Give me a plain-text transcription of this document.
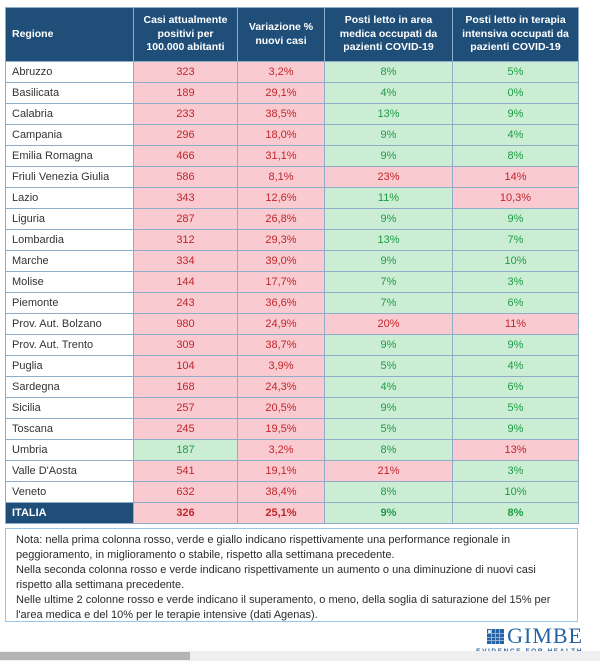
Regione	Casi attualmente positivi per 100.000 abitanti	Variazione % nuovi casi	Posti letto in area medica occupati da pazienti COVID-19	Posti letto in terapia intensiva occupati da pazienti COVID-19
Abruzzo	323	3,2%	8%	5%
Basilicata	189	29,1%	4%	0%
Calabria	233	38,5%	13%	9%
Campania	296	18,0%	9%	4%
Emilia Romagna	466	31,1%	9%	8%
Friuli Venezia Giulia	586	8,1%	23%	14%
Lazio	343	12,6%	11%	10,3%
Liguria	287	26,8%	9%	9%
Lombardia	312	29,3%	13%	7%
Marche	334	39,0%	9%	10%
Molise	144	17,7%	7%	3%
Piemonte	243	36,6%	7%	6%
Prov. Aut. Bolzano	980	24,9%	20%	11%
Prov. Aut. Trento	309	38,7%	9%	9%
Puglia	104	3,9%	5%	4%
Sardegna	168	24,3%	4%	6%
Sicilia	257	20,5%	9%	5%
Toscana	245	19,5%	5%	9%
Umbria	187	3,2%	8%	13%
Valle D'Aosta	541	19,1%	21%	3%
Veneto	632	38,4%	8%	10%
ITALIA	326	25,1%	9%	8%

Nota: nella prima colonna rosso, verde e giallo indicano rispettivamente una performance regionale in peggioramento, in miglioramento o stabile, rispetto alla settimana precedente.

Nella seconda colonna rosso e verde indicano rispettivamente un aumento o una diminuzione di nuovi casi rispetto alla settimana precedente.

Nelle ultime 2 colonne rosso e verde indicano il superamento, o meno, della soglia di saturazione del 15% per l'area medica e del 10% per le terapie intensive (dati Agenas).

GIMBE
